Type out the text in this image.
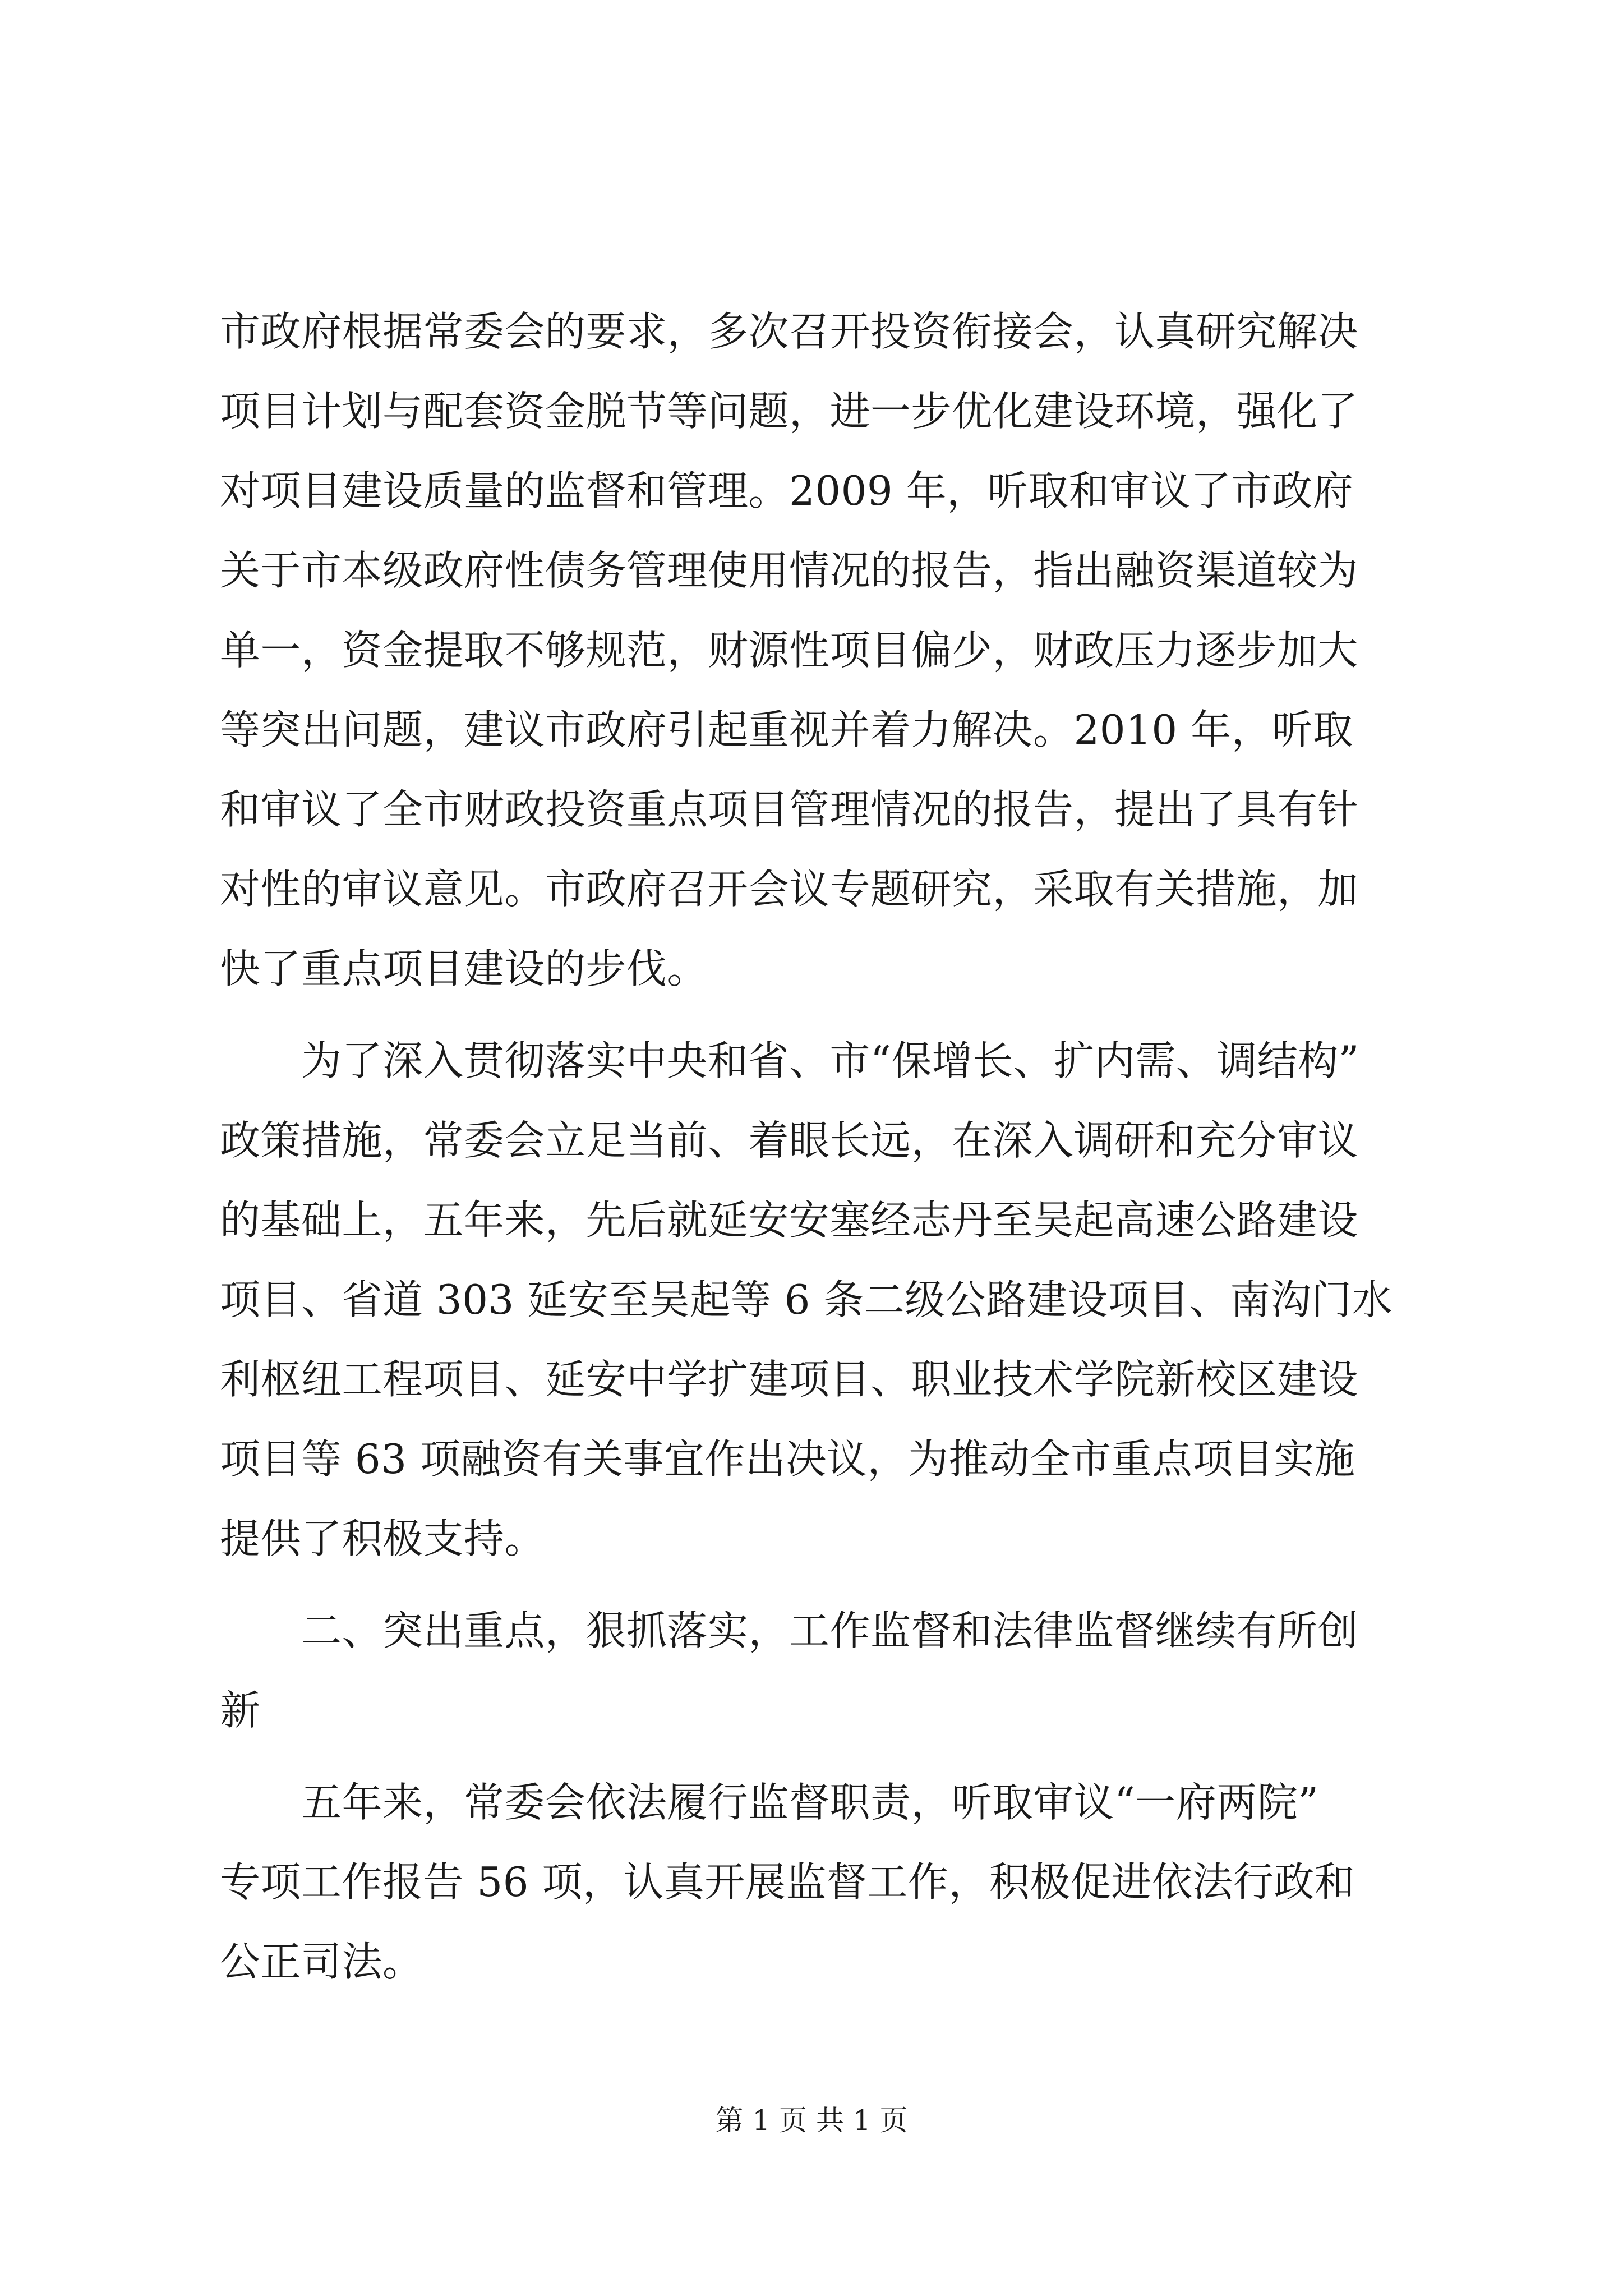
市政府根据常委会的要求，多次召开投资衔接会，认真研究解决
项目计划与配套资金脱节等问题，进一步优化建设环境，强化了
对项目建设质量的监督和管理。2009 年，听取和审议了市政府
关于市本级政府性债务管理使用情况的报告，指出融资渠道较为
单一，资金提取不够规范，财源性项目偏少，财政压力逐步加大
等突出问题，建议市政府引起重视并着力解决。2010 年，听取
和审议了全市财政投资重点项目管理情况的报告，提出了具有针
对性的审议意见。市政府召开会议专题研究，采取有关措施，加
快了重点项目建设的步伐。
　　为了深入贯彻落实中央和省、市“保增长、扩内需、调结构”
政策措施，常委会立足当前、着眼长远，在深入调研和充分审议
的基础上，五年来，先后就延安安塞经志丹至吴起高速公路建设
项目、省道 303 延安至吴起等 6 条二级公路建设项目、南沟门水
利枢纽工程项目、延安中学扩建项目、职业技术学院新校区建设
项目等 63 项融资有关事宜作出决议，为推动全市重点项目实施
提供了积极支持。
　　二、突出重点，狠抓落实，工作监督和法律监督继续有所创
新
　　五年来，常委会依法履行监督职责，听取审议“一府两院”
专项工作报告 56 项，认真开展监督工作，积极促进依法行政和
公正司法。
第 1 页 共 1 页
